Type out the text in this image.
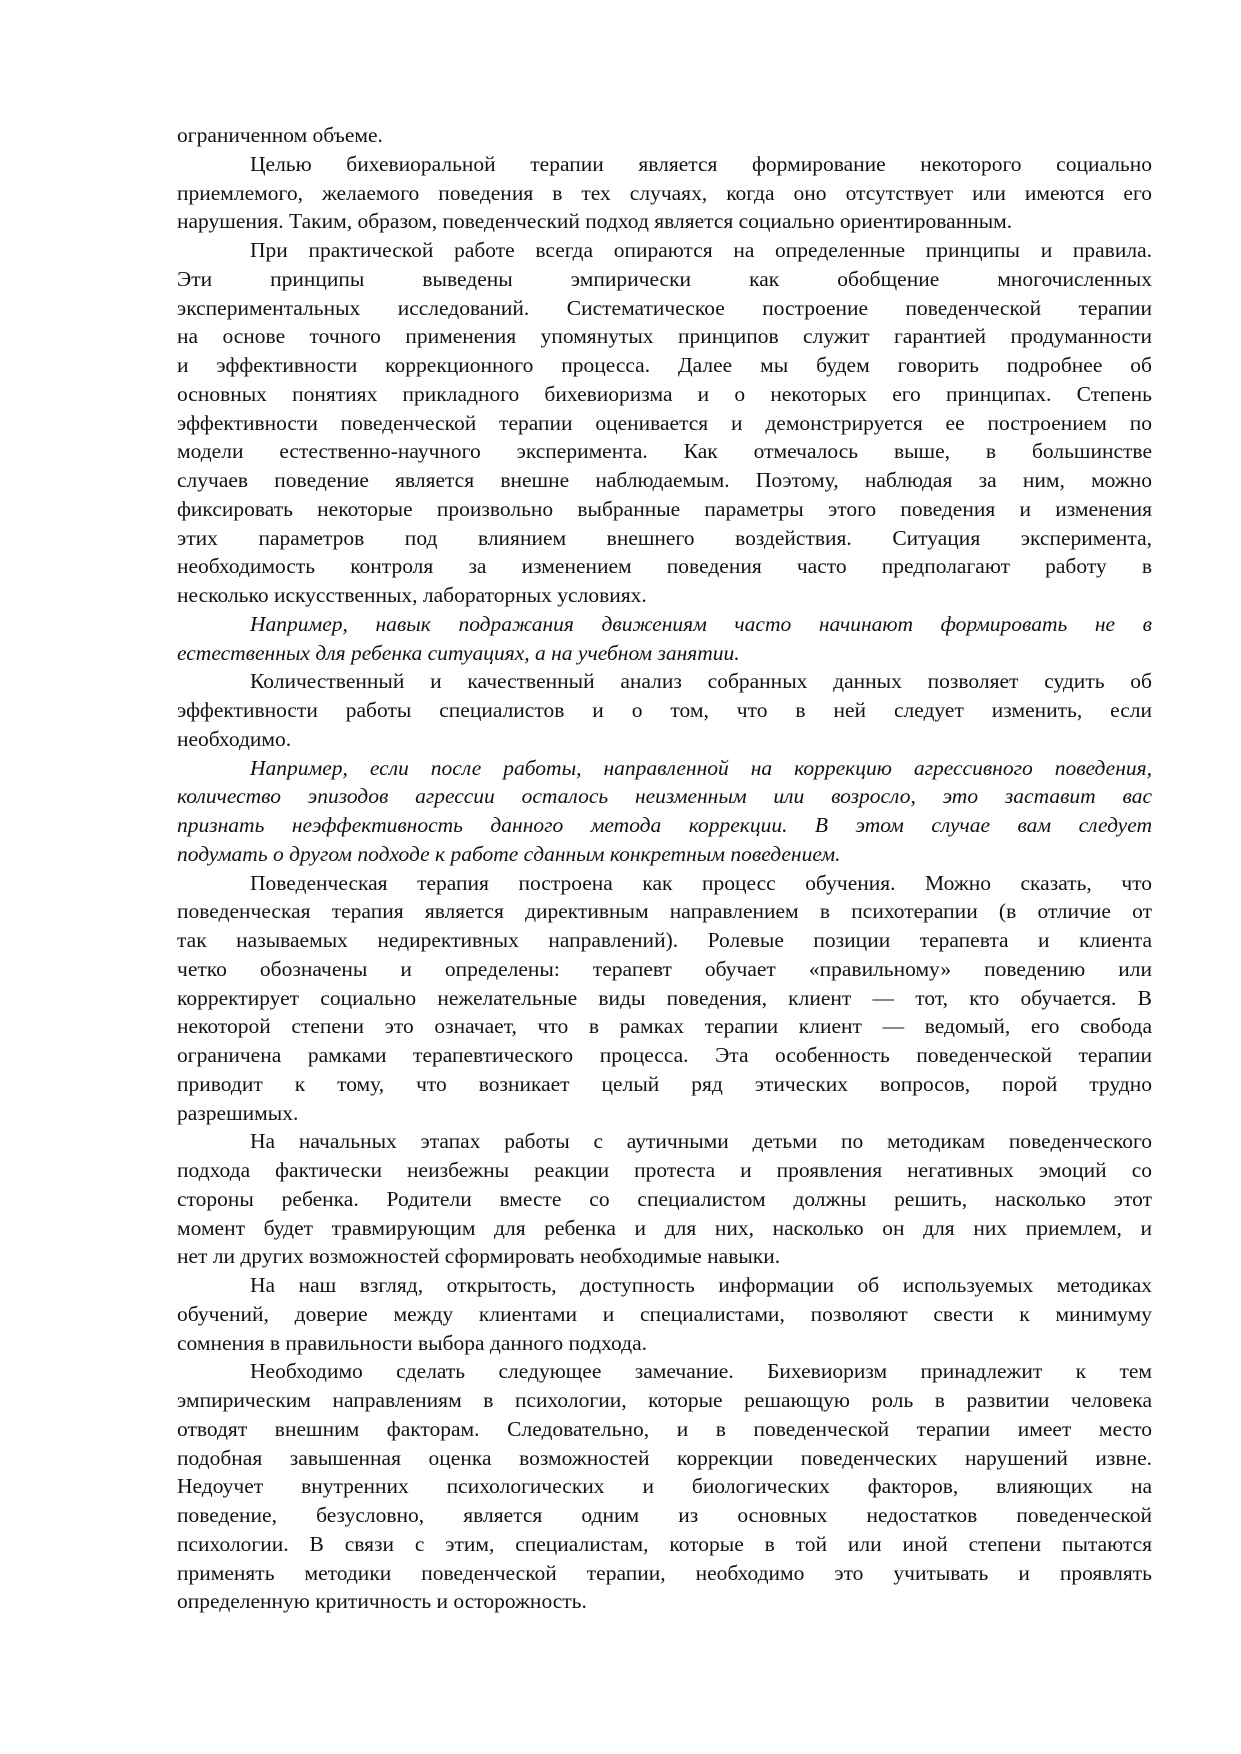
ограниченном объеме.
Целью бихевиоральной терапии является формирование некоторого социально
приемлемого, желаемого поведения в тех случаях, когда оно отсутствует или имеются его
нарушения. Таким, образом, поведенческий подход является социально ориентированным.
При практической работе всегда опираются на определенные принципы и правила.
Эти принципы выведены эмпирически как обобщение многочисленных
экспериментальных исследований. Систематическое построение поведенческой терапии
на основе точного применения упомянутых принципов служит гарантией продуманности
и эффективности коррекционного процесса. Далее мы будем говорить подробнее об
основных понятиях прикладного бихевиоризма и о некоторых его принципах. Степень
эффективности поведенческой терапии оценивается и демонстрируется ее построением по
модели естественно-научного эксперимента. Как отмечалось выше, в большинстве
случаев поведение является внешне наблюдаемым. Поэтому, наблюдая за ним, можно
фиксировать некоторые произвольно выбранные параметры этого поведения и изменения
этих параметров под влиянием внешнего воздействия. Ситуация эксперимента,
необходимость контроля за изменением поведения часто предполагают работу в
несколько искусственных, лабораторных условиях.
Например, навык подражания движениям часто начинают формировать не в
естественных для ребенка ситуациях, а на учебном занятии.
Количественный и качественный анализ собранных данных позволяет судить об
эффективности работы специалистов и о том, что в ней следует изменить, если
необходимо.
Например, если после работы, направленной на коррекцию агрессивного поведения,
количество эпизодов агрессии осталось неизменным или возросло, это заставит вас
признать неэффективность данного метода коррекции. В этом случае вам следует
подумать о другом подходе к работе сданным конкретным поведением.
Поведенческая терапия построена как процесс обучения. Можно сказать, что
поведенческая терапия является директивным направлением в психотерапии (в отличие от
так называемых недирективных направлений). Ролевые позиции терапевта и клиента
четко обозначены и определены: терапевт обучает «правильному» поведению или
корректирует социально нежелательные виды поведения, клиент — тот, кто обучается. В
некоторой степени это означает, что в рамках терапии клиент — ведомый, его свобода
ограничена рамками терапевтического процесса. Эта особенность поведенческой терапии
приводит к тому, что возникает целый ряд этических вопросов, порой трудно
разрешимых.
На начальных этапах работы с аутичными детьми по методикам поведенческого
подхода фактически неизбежны реакции протеста и проявления негативных эмоций со
стороны ребенка. Родители вместе со специалистом должны решить, насколько этот
момент будет травмирующим для ребенка и для них, насколько он для них приемлем, и
нет ли других возможностей сформировать необходимые навыки.
На наш взгляд, открытость, доступность информации об используемых методиках
обучений, доверие между клиентами и специалистами, позволяют свести к минимуму
сомнения в правильности выбора данного подхода.
Необходимо сделать следующее замечание. Бихевиоризм принадлежит к тем
эмпирическим направлениям в психологии, которые решающую роль в развитии человека
отводят внешним факторам. Следовательно, и в поведенческой терапии имеет место
подобная завышенная оценка возможностей коррекции поведенческих нарушений извне.
Недоучет внутренних психологических и биологических факторов, влияющих на
поведение, безусловно, является одним из основных недостатков поведенческой
психологии. В связи с этим, специалистам, которые в той или иной степени пытаются
применять методики поведенческой терапии, необходимо это учитывать и проявлять
определенную критичность и осторожность.
